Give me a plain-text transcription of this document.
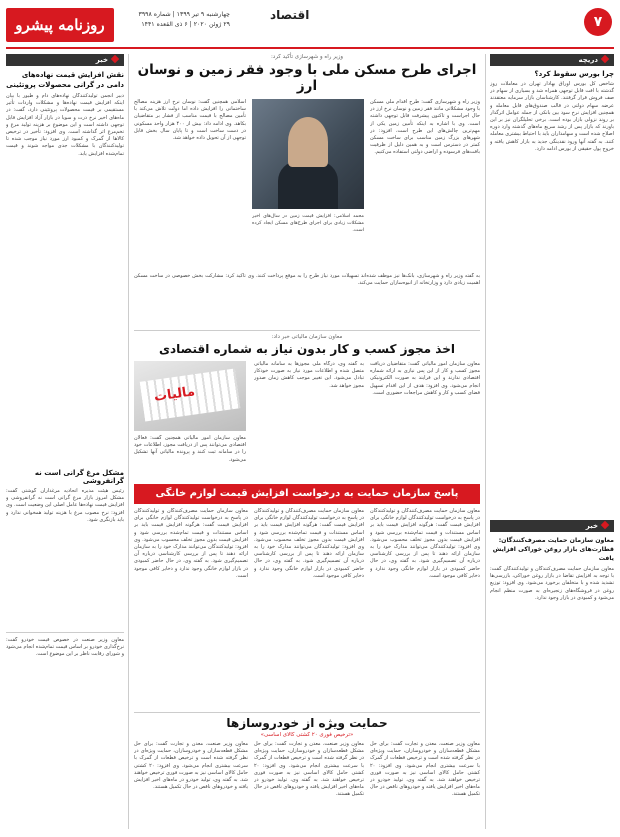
روزنامه پیشرو
چهارشنبه ۹ تیر ۱۳۹۹ | شماره ۳۹۹۸
۲۹ ژوئن ۲۰۲۰ | ۶ ذی القعده ۱۴۴۱
اقتصاد	۷
دریچه
چرا بورس سقوط کرد؟
شاخص کل بورس اوراق بهادار تهران در معاملات روز گذشته با افت قابل توجهی همراه شد و بسیاری از سهام در صف فروش قرار گرفتند. کارشناسان بازار سرمایه معتقدند عرضه سهام دولتی در قالب صندوق‌های قابل معامله و همچنین افزایش نرخ سود بین بانکی از جمله عوامل اثرگذار بر روند نزولی بازار بوده است. برخی تحلیلگران نیز بر این باورند که بازار پس از رشد سریع ماه‌های گذشته وارد دوره اصلاح شده است و سهامداران باید با احتیاط بیشتری معامله کنند. به گفته آنها ورود نقدینگی جدید به بازار کاهش یافته و خروج پول حقیقی از بورس ادامه دارد.
خبر
معاون سازمان حمایت مصرف‌کنندگان: قطارت‌های بازار روغن خوراکی افزایش یافت
معاون سازمان حمایت مصرف‌کنندگان و تولیدکنندگان گفت: با توجه به افزایش تقاضا در بازار روغن خوراکی، بازرسی‌ها تشدید شده و با متخلفان برخورد می‌شود. وی افزود: توزیع روغن در فروشگاه‌های زنجیره‌ای به صورت منظم انجام می‌شود و کمبودی در بازار وجود ندارد.
خبر
نقش افزایش قیمت نهاده‌های دامی در گرانی محصولات پروتئینی
دبیر انجمن تولیدکنندگان نهاده‌های دام و طیور با بیان اینکه افزایش قیمت نهاده‌ها و مشکلات واردات تأثیر مستقیمی بر قیمت محصولات پروتئینی دارد، گفت: در ماه‌های اخیر نرخ ذرت و سویا در بازار آزاد افزایش قابل توجهی داشته است و این موضوع بر هزینه تولید مرغ و تخم‌مرغ اثر گذاشته است. وی افزود: تأخیر در ترخیص کالاها از گمرک و کمبود ارز مورد نیاز موجب شده تا تولیدکنندگان با مشکلات جدی مواجه شوند و قیمت تمام‌شده افزایش یابد.
مشکل مرغ گرانی است نه گرانفروشی
رئیس هیئت مدیره اتحادیه مرغداران گوشتی گفت: مشکل امروز بازار مرغ گرانی است نه گرانفروشی و افزایش قیمت نهاده‌ها عامل اصلی این وضعیت است. وی افزود: نرخ مصوب مرغ با هزینه تولید همخوانی ندارد و باید بازنگری شود.
معاون وزیر صنعت در خصوص قیمت خودرو گفت: نرخ‌گذاری خودرو بر اساس قیمت تمام‌شده انجام می‌شود و شورای رقابت ناظر بر این موضوع است.
وزیر راه و شهرسازی تأکید کرد:
اجرای طرح مسکن ملی با وجود فقر زمین و نوسان ارز
وزیر راه و شهرسازی گفت: طرح اقدام ملی مسکن با وجود مشکلاتی مانند فقر زمین و نوسان نرخ ارز در حال اجراست و تاکنون پیشرفت قابل توجهی داشته است. وی با اشاره به اینکه تأمین زمین یکی از مهم‌ترین چالش‌های این طرح است، افزود: در شهرهای بزرگ زمین مناسب برای ساخت مسکن کمتر در دسترس است و به همین دلیل از ظرفیت بافت‌های فرسوده و اراضی دولتی استفاده می‌کنیم.
محمد اسلامی: افزایش قیمت زمین در سال‌های اخیر مشکلات زیادی برای اجرای طرح‌های مسکن ایجاد کرده است.
اسلامی همچنین گفت: نوسان نرخ ارز هزینه مصالح ساختمانی را افزایش داده اما دولت تلاش می‌کند با تأمین مصالح با قیمت مناسب از فشار بر متقاضیان بکاهد. وی ادامه داد: بیش از ۴۰۰ هزار واحد مسکونی در دست ساخت است و تا پایان سال بخش قابل توجهی از آن تحویل داده خواهد شد.
به گفته وزیر راه و شهرسازی، بانک‌ها نیز موظف شده‌اند تسهیلات مورد نیاز طرح را به موقع پرداخت کنند. وی تأکید کرد: مشارکت بخش خصوصی در ساخت مسکن اهمیت زیادی دارد و وزارتخانه از انبوه‌سازان حمایت می‌کند.
معاون سازمان مالیاتی خبر داد:
اخذ مجوز کسب و کار بدون نیاز به شماره اقتصادی
معاون سازمان امور مالیاتی گفت: متقاضیان دریافت مجوز کسب و کار از این پس نیازی به ارائه شماره اقتصادی ندارند و این فرایند به صورت الکترونیکی انجام می‌شود. وی افزود: هدف از این اقدام تسهیل فضای کسب و کار و کاهش مراجعات حضوری است.
به گفته وی، درگاه ملی مجوزها به سامانه مالیاتی متصل شده و اطلاعات مورد نیاز به صورت خودکار تبادل می‌شود. این تغییر موجب کاهش زمان صدور مجوز خواهد شد.
مالیات
معاون سازمان امور مالیاتی همچنین گفت: فعالان اقتصادی می‌توانند پس از دریافت مجوز، اطلاعات خود را در سامانه ثبت کنند و پرونده مالیاتی آنها تشکیل می‌شود.
پاسخ سازمان حمایت به درخواست افزایش قیمت لوازم خانگی
معاون سازمان حمایت مصرف‌کنندگان و تولیدکنندگان در پاسخ به درخواست تولیدکنندگان لوازم خانگی برای افزایش قیمت گفت: هرگونه افزایش قیمت باید بر اساس مستندات و قیمت تمام‌شده بررسی شود و افزایش قیمت بدون مجوز تخلف محسوب می‌شود. وی افزود: تولیدکنندگان می‌توانند مدارک خود را به سازمان ارائه دهند تا پس از بررسی کارشناسی درباره آن تصمیم‌گیری شود. به گفته وی، در حال حاضر کمبودی در بازار لوازم خانگی وجود ندارد و ذخایر کافی موجود است.
معاون سازمان حمایت مصرف‌کنندگان و تولیدکنندگان در پاسخ به درخواست تولیدکنندگان لوازم خانگی برای افزایش قیمت گفت: هرگونه افزایش قیمت باید بر اساس مستندات و قیمت تمام‌شده بررسی شود و افزایش قیمت بدون مجوز تخلف محسوب می‌شود. وی افزود: تولیدکنندگان می‌توانند مدارک خود را به سازمان ارائه دهند تا پس از بررسی کارشناسی درباره آن تصمیم‌گیری شود. به گفته وی، در حال حاضر کمبودی در بازار لوازم خانگی وجود ندارد و ذخایر کافی موجود است.
معاون سازمان حمایت مصرف‌کنندگان و تولیدکنندگان در پاسخ به درخواست تولیدکنندگان لوازم خانگی برای افزایش قیمت گفت: هرگونه افزایش قیمت باید بر اساس مستندات و قیمت تمام‌شده بررسی شود و افزایش قیمت بدون مجوز تخلف محسوب می‌شود. وی افزود: تولیدکنندگان می‌توانند مدارک خود را به سازمان ارائه دهند تا پس از بررسی کارشناسی درباره آن تصمیم‌گیری شود. به گفته وی، در حال حاضر کمبودی در بازار لوازم خانگی وجود ندارد و ذخایر کافی موجود است.
حمایت ویژه از خودروسازها
«ترخیص فوری ۲۰ کشتی کالای اساسی»
معاون وزیر صنعت، معدن و تجارت گفت: برای حل مشکل قطعه‌سازان و خودروسازان، حمایت ویژه‌ای در نظر گرفته شده است و ترخیص قطعات از گمرک با سرعت بیشتری انجام می‌شود. وی افزود: ۲۰ کشتی حامل کالای اساسی نیز به صورت فوری ترخیص خواهند شد. به گفته وی، تولید خودرو در ماه‌های اخیر افزایش یافته و خودروهای ناقص در حال تکمیل هستند.
معاون وزیر صنعت، معدن و تجارت گفت: برای حل مشکل قطعه‌سازان و خودروسازان، حمایت ویژه‌ای در نظر گرفته شده است و ترخیص قطعات از گمرک با سرعت بیشتری انجام می‌شود. وی افزود: ۲۰ کشتی حامل کالای اساسی نیز به صورت فوری ترخیص خواهند شد. به گفته وی، تولید خودرو در ماه‌های اخیر افزایش یافته و خودروهای ناقص در حال تکمیل هستند.
معاون وزیر صنعت، معدن و تجارت گفت: برای حل مشکل قطعه‌سازان و خودروسازان، حمایت ویژه‌ای در نظر گرفته شده است و ترخیص قطعات از گمرک با سرعت بیشتری انجام می‌شود. وی افزود: ۲۰ کشتی حامل کالای اساسی نیز به صورت فوری ترخیص خواهند شد. به گفته وی، تولید خودرو در ماه‌های اخیر افزایش یافته و خودروهای ناقص در حال تکمیل هستند.
